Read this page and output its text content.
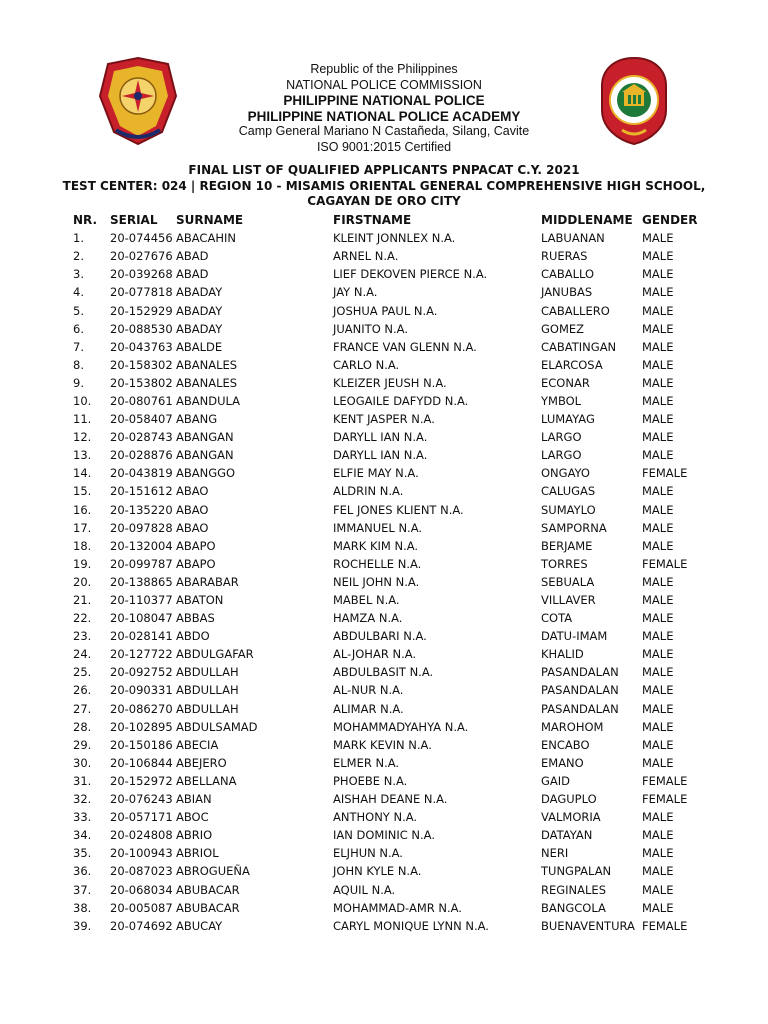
Republic of the Philippines
NATIONAL POLICE COMMISSION
PHILIPPINE NATIONAL POLICE
PHILIPPINE NATIONAL POLICE ACADEMY
Camp General Mariano N Castañeda, Silang, Cavite
ISO 9001:2015 Certified
FINAL LIST OF QUALIFIED APPLICANTS PNPACAT C.Y. 2021
TEST CENTER: 024 | REGION 10 - MISAMIS ORIENTAL GENERAL COMPREHENSIVE HIGH SCHOOL,
CAGAYAN DE ORO CITY
NR.	SERIAL	SURNAME	FIRSTNAME	MIDDLENAME	GENDER
1.	20-074456	ABACAHIN	KLEINT JONNLEX N.A.	LABUANAN	MALE
2.	20-027676	ABAD	ARNEL N.A.	RUERAS	MALE
3.	20-039268	ABAD	LIEF DEKOVEN PIERCE N.A.	CABALLO	MALE
4.	20-077818	ABADAY	JAY N.A.	JANUBAS	MALE
5.	20-152929	ABADAY	JOSHUA PAUL N.A.	CABALLERO	MALE
6.	20-088530	ABADAY	JUANITO N.A.	GOMEZ	MALE
7.	20-043763	ABALDE	FRANCE VAN GLENN N.A.	CABATINGAN	MALE
8.	20-158302	ABANALES	CARLO N.A.	ELARCOSA	MALE
9.	20-153802	ABANALES	KLEIZER JEUSH N.A.	ECONAR	MALE
10.	20-080761	ABANDULA	LEOGAILE DAFYDD N.A.	YMBOL	MALE
11.	20-058407	ABANG	KENT JASPER N.A.	LUMAYAG	MALE
12.	20-028743	ABANGAN	DARYLL IAN N.A.	LARGO	MALE
13.	20-028876	ABANGAN	DARYLL IAN N.A.	LARGO	MALE
14.	20-043819	ABANGGO	ELFIE MAY N.A.	ONGAYO	FEMALE
15.	20-151612	ABAO	ALDRIN N.A.	CALUGAS	MALE
16.	20-135220	ABAO	FEL JONES KLIENT N.A.	SUMAYLO	MALE
17.	20-097828	ABAO	IMMANUEL N.A.	SAMPORNA	MALE
18.	20-132004	ABAPO	MARK KIM N.A.	BERJAME	MALE
19.	20-099787	ABAPO	ROCHELLE N.A.	TORRES	FEMALE
20.	20-138865	ABARABAR	NEIL JOHN N.A.	SEBUALA	MALE
21.	20-110377	ABATON	MABEL N.A.	VILLAVER	MALE
22.	20-108047	ABBAS	HAMZA N.A.	COTA	MALE
23.	20-028141	ABDO	ABDULBARI N.A.	DATU-IMAM	MALE
24.	20-127722	ABDULGAFAR	AL-JOHAR N.A.	KHALID	MALE
25.	20-092752	ABDULLAH	ABDULBASIT N.A.	PASANDALAN	MALE
26.	20-090331	ABDULLAH	AL-NUR N.A.	PASANDALAN	MALE
27.	20-086270	ABDULLAH	ALIMAR N.A.	PASANDALAN	MALE
28.	20-102895	ABDULSAMAD	MOHAMMADYAHYA N.A.	MAROHOM	MALE
29.	20-150186	ABECIA	MARK KEVIN N.A.	ENCABO	MALE
30.	20-106844	ABEJERO	ELMER N.A.	EMANO	MALE
31.	20-152972	ABELLANA	PHOEBE N.A.	GAID	FEMALE
32.	20-076243	ABIAN	AISHAH DEANE N.A.	DAGUPLO	FEMALE
33.	20-057171	ABOC	ANTHONY N.A.	VALMORIA	MALE
34.	20-024808	ABRIO	IAN DOMINIC N.A.	DATAYAN	MALE
35.	20-100943	ABRIOL	ELJHUN N.A.	NERI	MALE
36.	20-087023	ABROGUEÑA	JOHN KYLE N.A.	TUNGPALAN	MALE
37.	20-068034	ABUBACAR	AQUIL N.A.	REGINALES	MALE
38.	20-005087	ABUBACAR	MOHAMMAD-AMR N.A.	BANGCOLA	MALE
39.	20-074692	ABUCAY	CARYL MONIQUE LYNN N.A.	BUENAVENTURA	FEMALE
